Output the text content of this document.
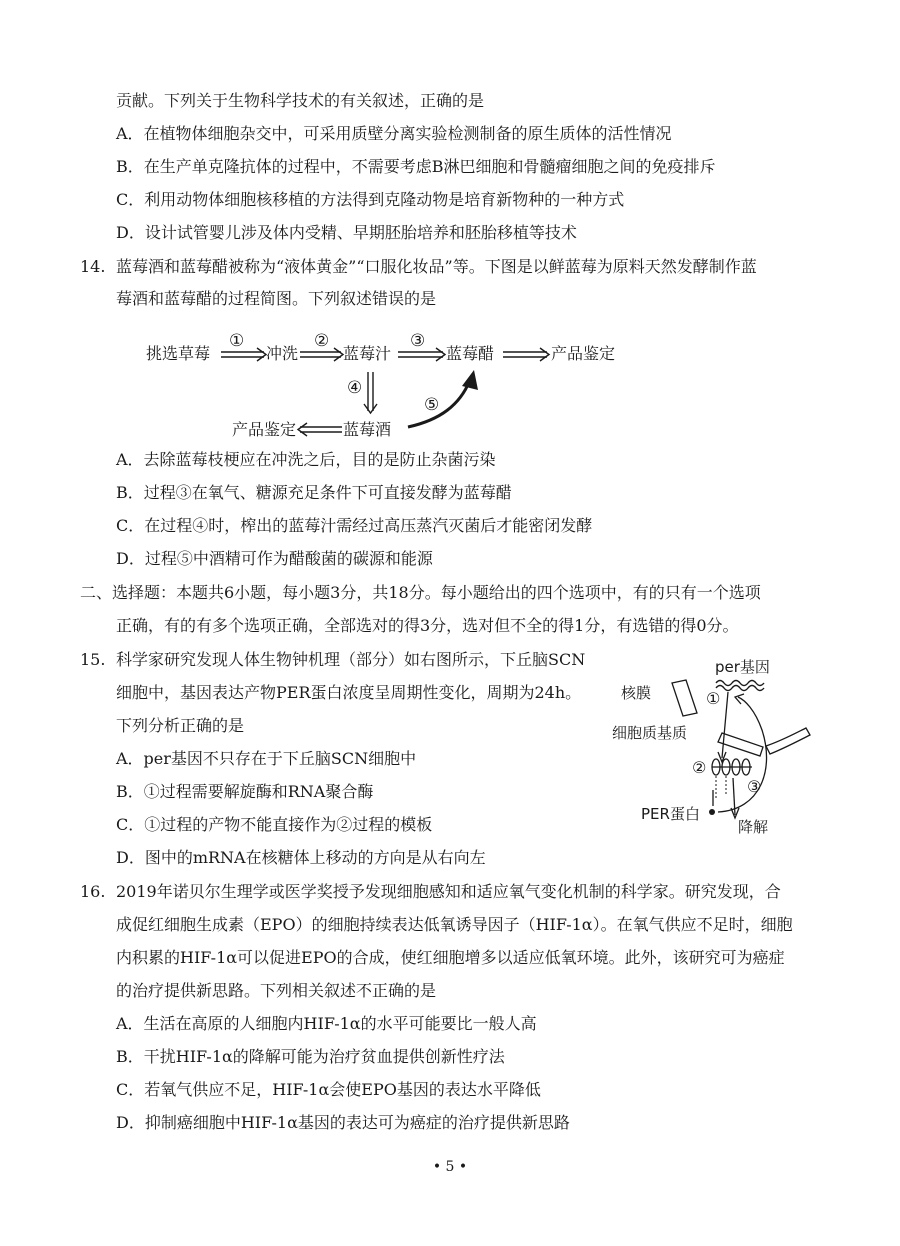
贡献。下列关于生物科学技术的有关叙述，正确的是
A．在植物体细胞杂交中，可采用质壁分离实验检测制备的原生质体的活性情况
B．在生产单克隆抗体的过程中，不需要考虑B淋巴细胞和骨髓瘤细胞之间的免疫排斥
C．利用动物体细胞核移植的方法得到克隆动物是培育新物种的一种方式
D．设计试管婴儿涉及体内受精、早期胚胎培养和胚胎移植等技术
14. 蓝莓酒和蓝莓醋被称为“液体黄金”“口服化妆品”等。下图是以鲜蓝莓为原料天然发酵制作蓝
莓酒和蓝莓醋的过程简图。下列叙述错误的是
挑选草莓	冲洗	蓝莓汁	蓝莓醋	产品鉴定
蓝莓酒
产品鉴定
①	②	③
④
⑤
A．去除蓝莓枝梗应在冲洗之后，目的是防止杂菌污染
B．过程③在氧气、糖源充足条件下可直接发酵为蓝莓醋
C．在过程④时，榨出的蓝莓汁需经过高压蒸汽灭菌后才能密闭发酵
D．过程⑤中酒精可作为醋酸菌的碳源和能源
二、选择题：本题共6小题，每小题3分，共18分。每小题给出的四个选项中，有的只有一个选项
正确，有的有多个选项正确，全部选对的得3分，选对但不全的得1分，有选错的得0分。
15. 科学家研究发现人体生物钟机理（部分）如右图所示，下丘脑SCN
细胞中，基因表达产物PER蛋白浓度呈周期性变化，周期为24h。
下列分析正确的是
A．per基因不只存在于下丘脑SCN细胞中
B．①过程需要解旋酶和RNA聚合酶
C．①过程的产物不能直接作为②过程的模板
D．图中的mRNA在核糖体上移动的方向是从右向左
per基因
核膜
细胞质基质
PER蛋白
降解
①
②
③
16. 2019年诺贝尔生理学或医学奖授予发现细胞感知和适应氧气变化机制的科学家。研究发现，合
成促红细胞生成素（EPO）的细胞持续表达低氧诱导因子（HIF-1α）。在氧气供应不足时，细胞
内积累的HIF-1α可以促进EPO的合成，使红细胞增多以适应低氧环境。此外，该研究可为癌症
的治疗提供新思路。下列相关叙述不正确的是
A．生活在高原的人细胞内HIF-1α的水平可能要比一般人高
B．干扰HIF-1α的降解可能为治疗贫血提供创新性疗法
C．若氧气供应不足，HIF-1α会使EPO基因的表达水平降低
D．抑制癌细胞中HIF-1α基因的表达可为癌症的治疗提供新思路
• 5 •
